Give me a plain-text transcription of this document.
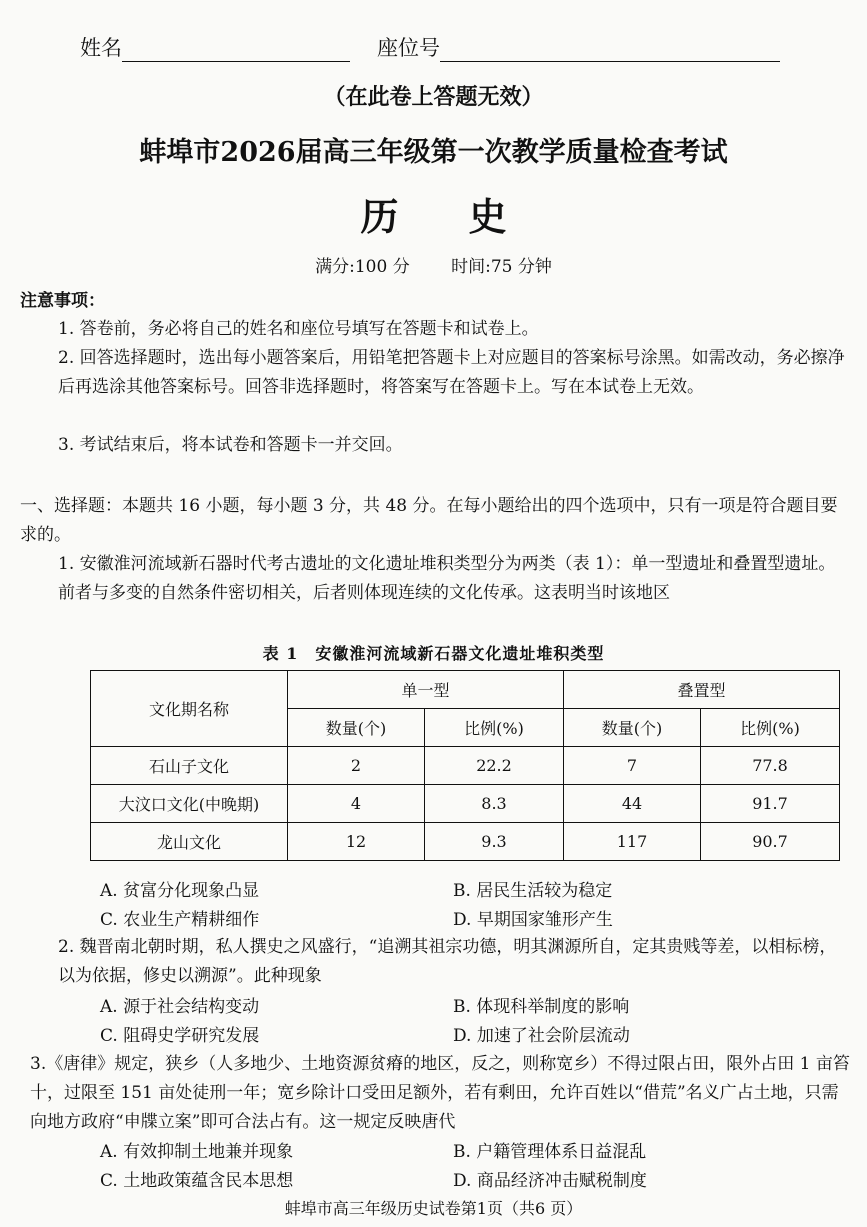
姓名	座位号
（在此卷上答题无效）
蚌埠市2026届高三年级第一次教学质量检查考试
历史
满分:100 分 时间:75 分钟
注意事项：
1. 答卷前，务必将自己的姓名和座位号填写在答题卡和试卷上。
2. 回答选择题时，选出每小题答案后，用铅笔把答题卡上对应题目的答案标号涂黑。如需改动，务必擦净后再选涂其他答案标号。回答非选择题时，将答案写在答题卡上。写在本试卷上无效。
3. 考试结束后，将本试卷和答题卡一并交回。
一、选择题：本题共 16 小题，每小题 3 分，共 48 分。在每小题给出的四个选项中，只有一项是符合题目要求的。
1. 安徽淮河流域新石器时代考古遗址的文化遗址堆积类型分为两类（表 1）：单一型遗址和叠置型遗址。前者与多变的自然条件密切相关，后者则体现连续的文化传承。这表明当时该地区
表 1　安徽淮河流域新石器文化遗址堆积类型
文化期名称	单一型		叠置型	
	数量(个)	比例(%)	数量(个)	比例(%)
石山子文化	2	22.2	7	77.8
大汶口文化(中晚期)	4	8.3	44	91.7
龙山文化	12	9.3	117	90.7
A. 贫富分化现象凸显	B. 居民生活较为稳定
C. 农业生产精耕细作	D. 早期国家雏形产生
2. 魏晋南北朝时期，私人撰史之风盛行，“追溯其祖宗功德，明其渊源所自，定其贵贱等差，以相标榜，以为依据，修史以溯源”。此种现象
A. 源于社会结构变动	B. 体现科举制度的影响
C. 阻碍史学研究发展	D. 加速了社会阶层流动
3.《唐律》规定，狭乡（人多地少、土地资源贫瘠的地区，反之，则称宽乡）不得过限占田，限外占田 1 亩笞十，过限至 151 亩处徒刑一年；宽乡除计口受田足额外，若有剩田，允许百姓以“借荒”名义广占土地，只需向地方政府“申牒立案”即可合法占有。这一规定反映唐代
A. 有效抑制土地兼并现象	B. 户籍管理体系日益混乱
C. 土地政策蕴含民本思想	D. 商品经济冲击赋税制度
蚌埠市高三年级历史试卷第1页（共6 页）
